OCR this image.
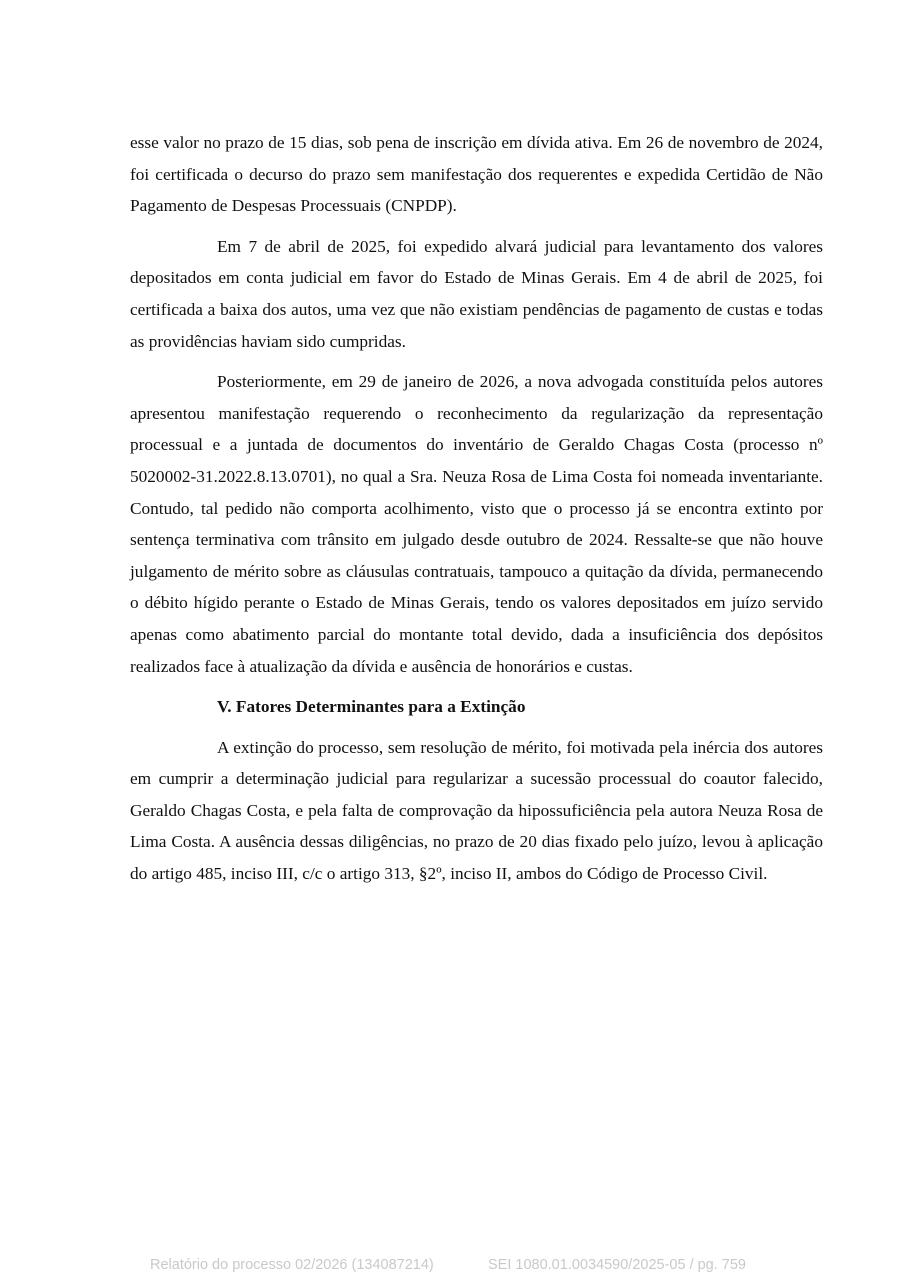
esse valor no prazo de 15 dias, sob pena de inscrição em dívida ativa. Em 26 de novembro de 2024, foi certificada o decurso do prazo sem manifestação dos requerentes e expedida Certidão de Não Pagamento de Despesas Processuais (CNPDP).

Em 7 de abril de 2025, foi expedido alvará judicial para levantamento dos valores depositados em conta judicial em favor do Estado de Minas Gerais. Em 4 de abril de 2025, foi certificada a baixa dos autos, uma vez que não existiam pendências de pagamento de custas e todas as providências haviam sido cumpridas.

Posteriormente, em 29 de janeiro de 2026, a nova advogada constituída pelos autores apresentou manifestação requerendo o reconhecimento da regularização da representação processual e a juntada de documentos do inventário de Geraldo Chagas Costa (processo nº 5020002-31.2022.8.13.0701), no qual a Sra. Neuza Rosa de Lima Costa foi nomeada inventariante. Contudo, tal pedido não comporta acolhimento, visto que o processo já se encontra extinto por sentença terminativa com trânsito em julgado desde outubro de 2024. Ressalte-se que não houve julgamento de mérito sobre as cláusulas contratuais, tampouco a quitação da dívida, permanecendo o débito hígido perante o Estado de Minas Gerais, tendo os valores depositados em juízo servido apenas como abatimento parcial do montante total devido, dada a insuficiência dos depósitos realizados face à atualização da dívida e ausência de honorários e custas.

V. Fatores Determinantes para a Extinção

A extinção do processo, sem resolução de mérito, foi motivada pela inércia dos autores em cumprir a determinação judicial para regularizar a sucessão processual do coautor falecido, Geraldo Chagas Costa, e pela falta de comprovação da hipossuficiência pela autora Neuza Rosa de Lima Costa. A ausência dessas diligências, no prazo de 20 dias fixado pelo juízo, levou à aplicação do artigo 485, inciso III, c/c o artigo 313, §2º, inciso II, ambos do Código de Processo Civil.

Relatório do processo 02/2026 (134087214)	SEI 1080.01.0034590/2025-05 / pg. 759
